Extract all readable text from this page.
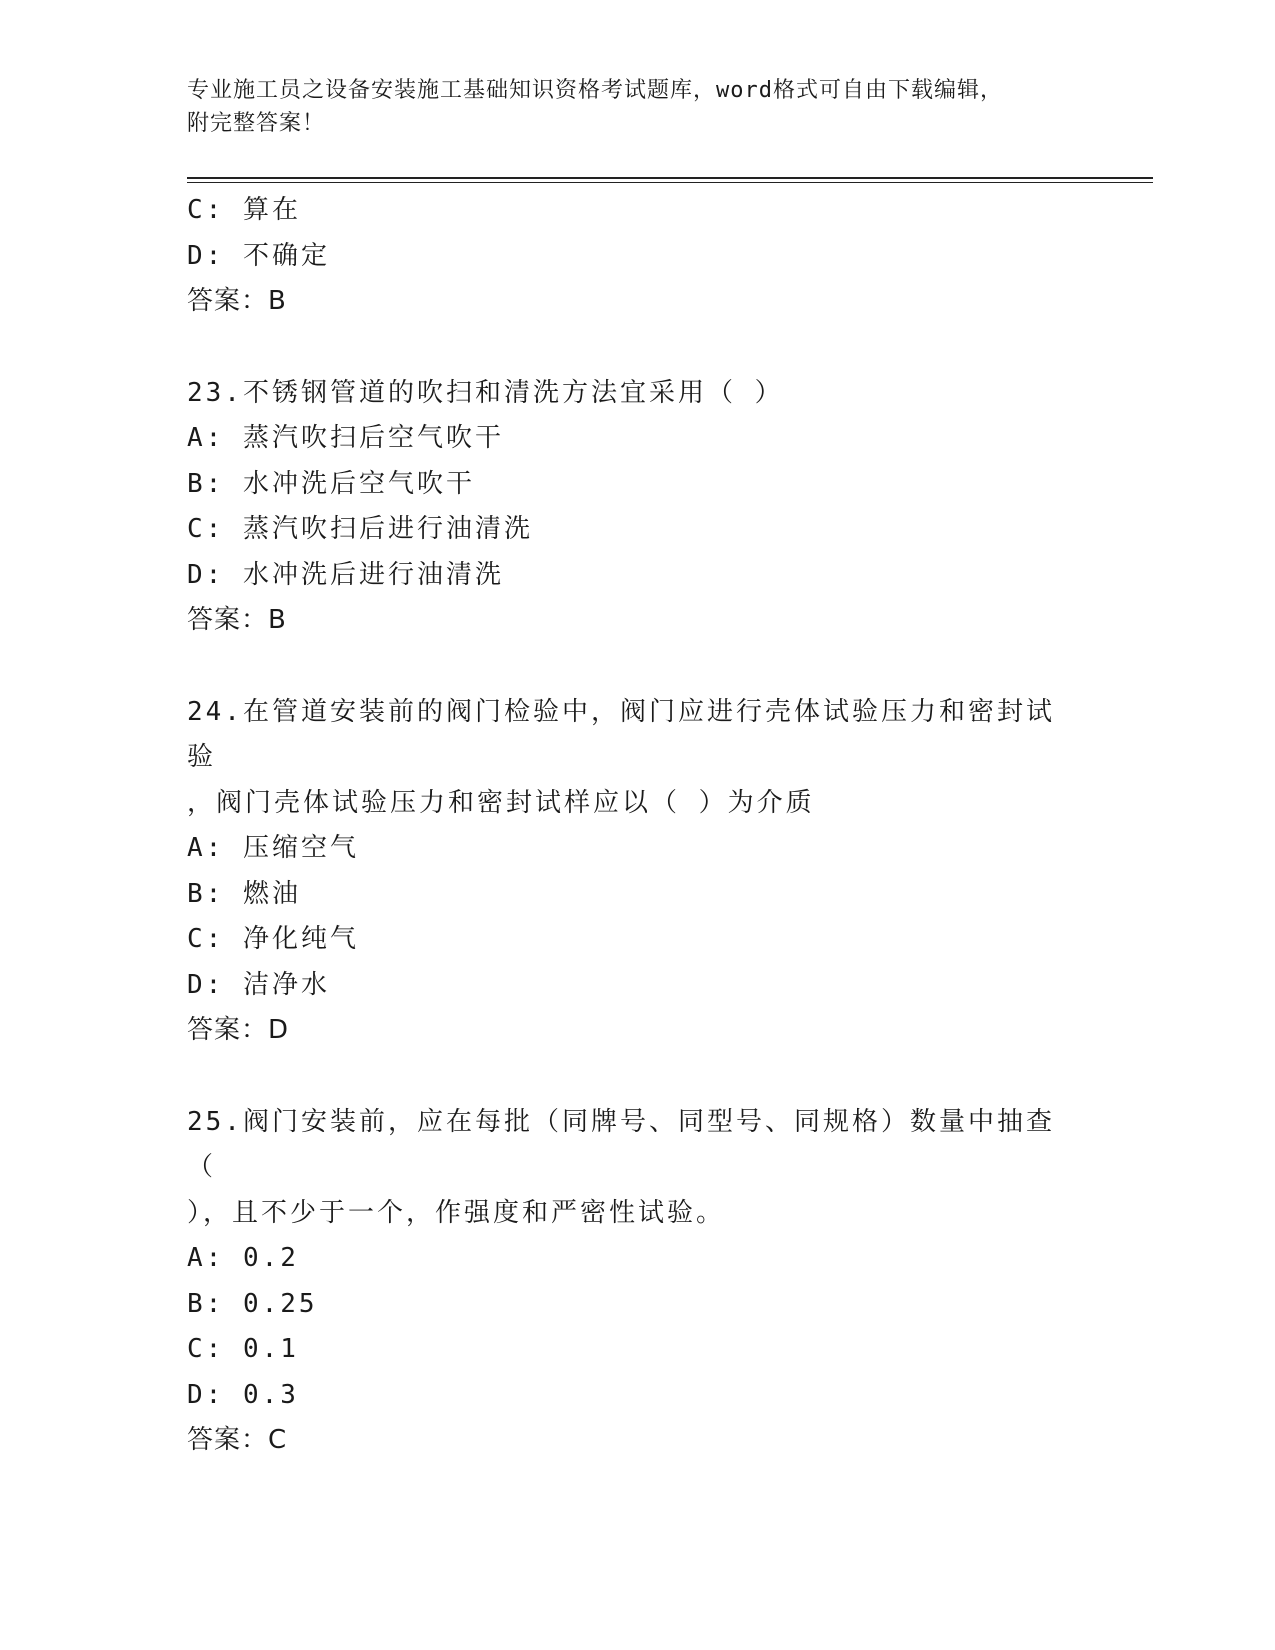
专业施工员之设备安装施工基础知识资格考试题库，word格式可自由下载编辑，
附完整答案！
C: 算在
D: 不确定
答案：B
23.不锈钢管道的吹扫和清洗方法宜采用（ ）
A: 蒸汽吹扫后空气吹干
B: 水冲洗后空气吹干
C: 蒸汽吹扫后进行油清洗
D: 水冲洗后进行油清洗
答案：B
24.在管道安装前的阀门检验中，阀门应进行壳体试验压力和密封试验
，阀门壳体试验压力和密封试样应以（ ）为介质
A: 压缩空气
B: 燃油
C: 净化纯气
D: 洁净水
答案：D
25.阀门安装前，应在每批（同牌号、同型号、同规格）数量中抽查（
），且不少于一个，作强度和严密性试验。
A: 0.2
B: 0.25
C: 0.1
D: 0.3
答案：C
